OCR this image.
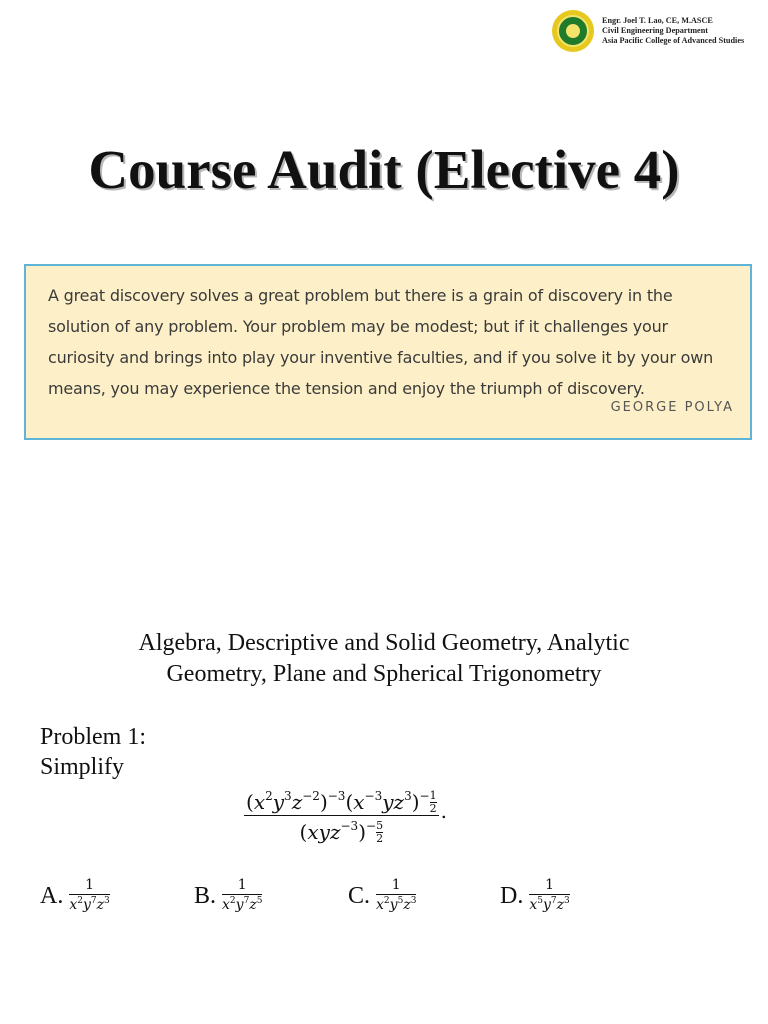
Engr. Joel T. Lao, CE, M.ASCE
Civil Engineering Department
Asia Pacific College of Advanced Studies
Course Audit (Elective 4)
A great discovery solves a great problem but there is a grain of discovery in the solution of any problem. Your problem may be modest; but if it challenges your curiosity and brings into play your inventive faculties, and if you solve it by your own means, you may experience the tension and enjoy the triumph of discovery.
GEORGE POLYA
Algebra, Descriptive and Solid Geometry, Analytic
Geometry, Plane and Spherical Trigonometry
Problem 1:
Simplify
$\frac{(x^2y^3z^{-2})^{-3}(x^{-3}yz^3)^- \frac{1}{2}}{(xyz^{-3})^- \frac{5}{2}}$ .
A. 1
$x^2y^7z^3$	B. 1
$x^2y^7z^5$	C. 1
$x^2y^5z^3$	D. 1
$x^5y^7z^3$
